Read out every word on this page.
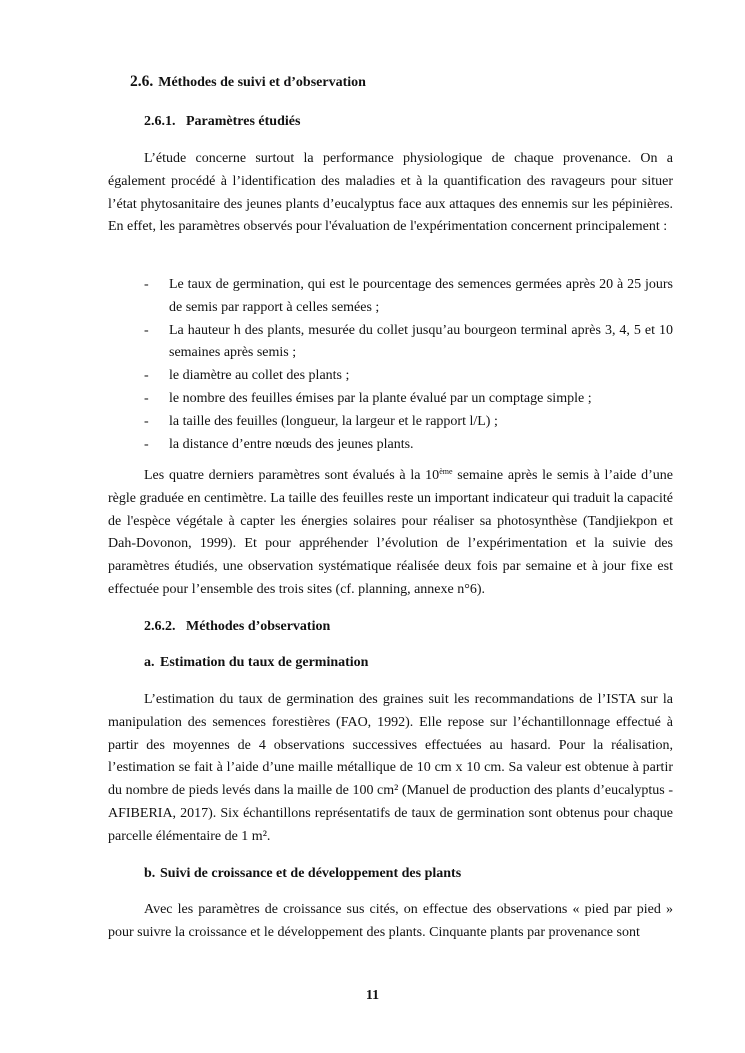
2.6. Méthodes de suivi et d’observation
2.6.1. Paramètres étudiés

L’étude concerne surtout la performance physiologique de chaque provenance. On a également procédé à l’identification des maladies et à la quantification des ravageurs pour situer l’état phytosanitaire des jeunes plants d’eucalyptus face aux attaques des ennemis sur les pépinières. En effet, les paramètres observés pour l'évaluation de l'expérimentation concernent principalement :

- Le taux de germination, qui est le pourcentage des semences germées après 20 à 25 jours de semis par rapport à celles semées ;
- La hauteur h des plants, mesurée du collet jusqu’au bourgeon terminal après 3, 4, 5 et 10 semaines après semis ;
- le diamètre au collet des plants ;
- le nombre des feuilles émises par la plante évalué par un comptage simple ;
- la taille des feuilles (longueur, la largeur et le rapport l/L) ;
- la distance d’entre nœuds des jeunes plants.

Les quatre derniers paramètres sont évalués à la 10ème semaine après le semis à l’aide d’une règle graduée en centimètre. La taille des feuilles reste un important indicateur qui traduit la capacité de l'espèce végétale à capter les énergies solaires pour réaliser sa photosynthèse (Tandjiekpon et Dah-Dovonon, 1999). Et pour appréhender l’évolution de l’expérimentation et la suivie des paramètres étudiés, une observation systématique réalisée deux fois par semaine et à jour fixe est effectuée pour l’ensemble des trois sites (cf. planning, annexe n°6).

2.6.2. Méthodes d’observation
a. Estimation du taux de germination

L’estimation du taux de germination des graines suit les recommandations de l’ISTA sur la manipulation des semences forestières (FAO, 1992). Elle repose sur l’échantillonnage effectué à partir des moyennes de 4 observations successives effectuées au hasard. Pour la réalisation, l’estimation se fait à l’aide d’une maille métallique de 10 cm x 10 cm. Sa valeur est obtenue à partir du nombre de pieds levés dans la maille de 100 cm² (Manuel de production des plants d’eucalyptus - AFIBERIA, 2017). Six échantillons représentatifs de taux de germination sont obtenus pour chaque parcelle élémentaire de 1 m².

b. Suivi de croissance et de développement des plants

Avec les paramètres de croissance sus cités, on effectue des observations « pied par pied » pour suivre la croissance et le développement des plants. Cinquante plants par provenance sont

11
